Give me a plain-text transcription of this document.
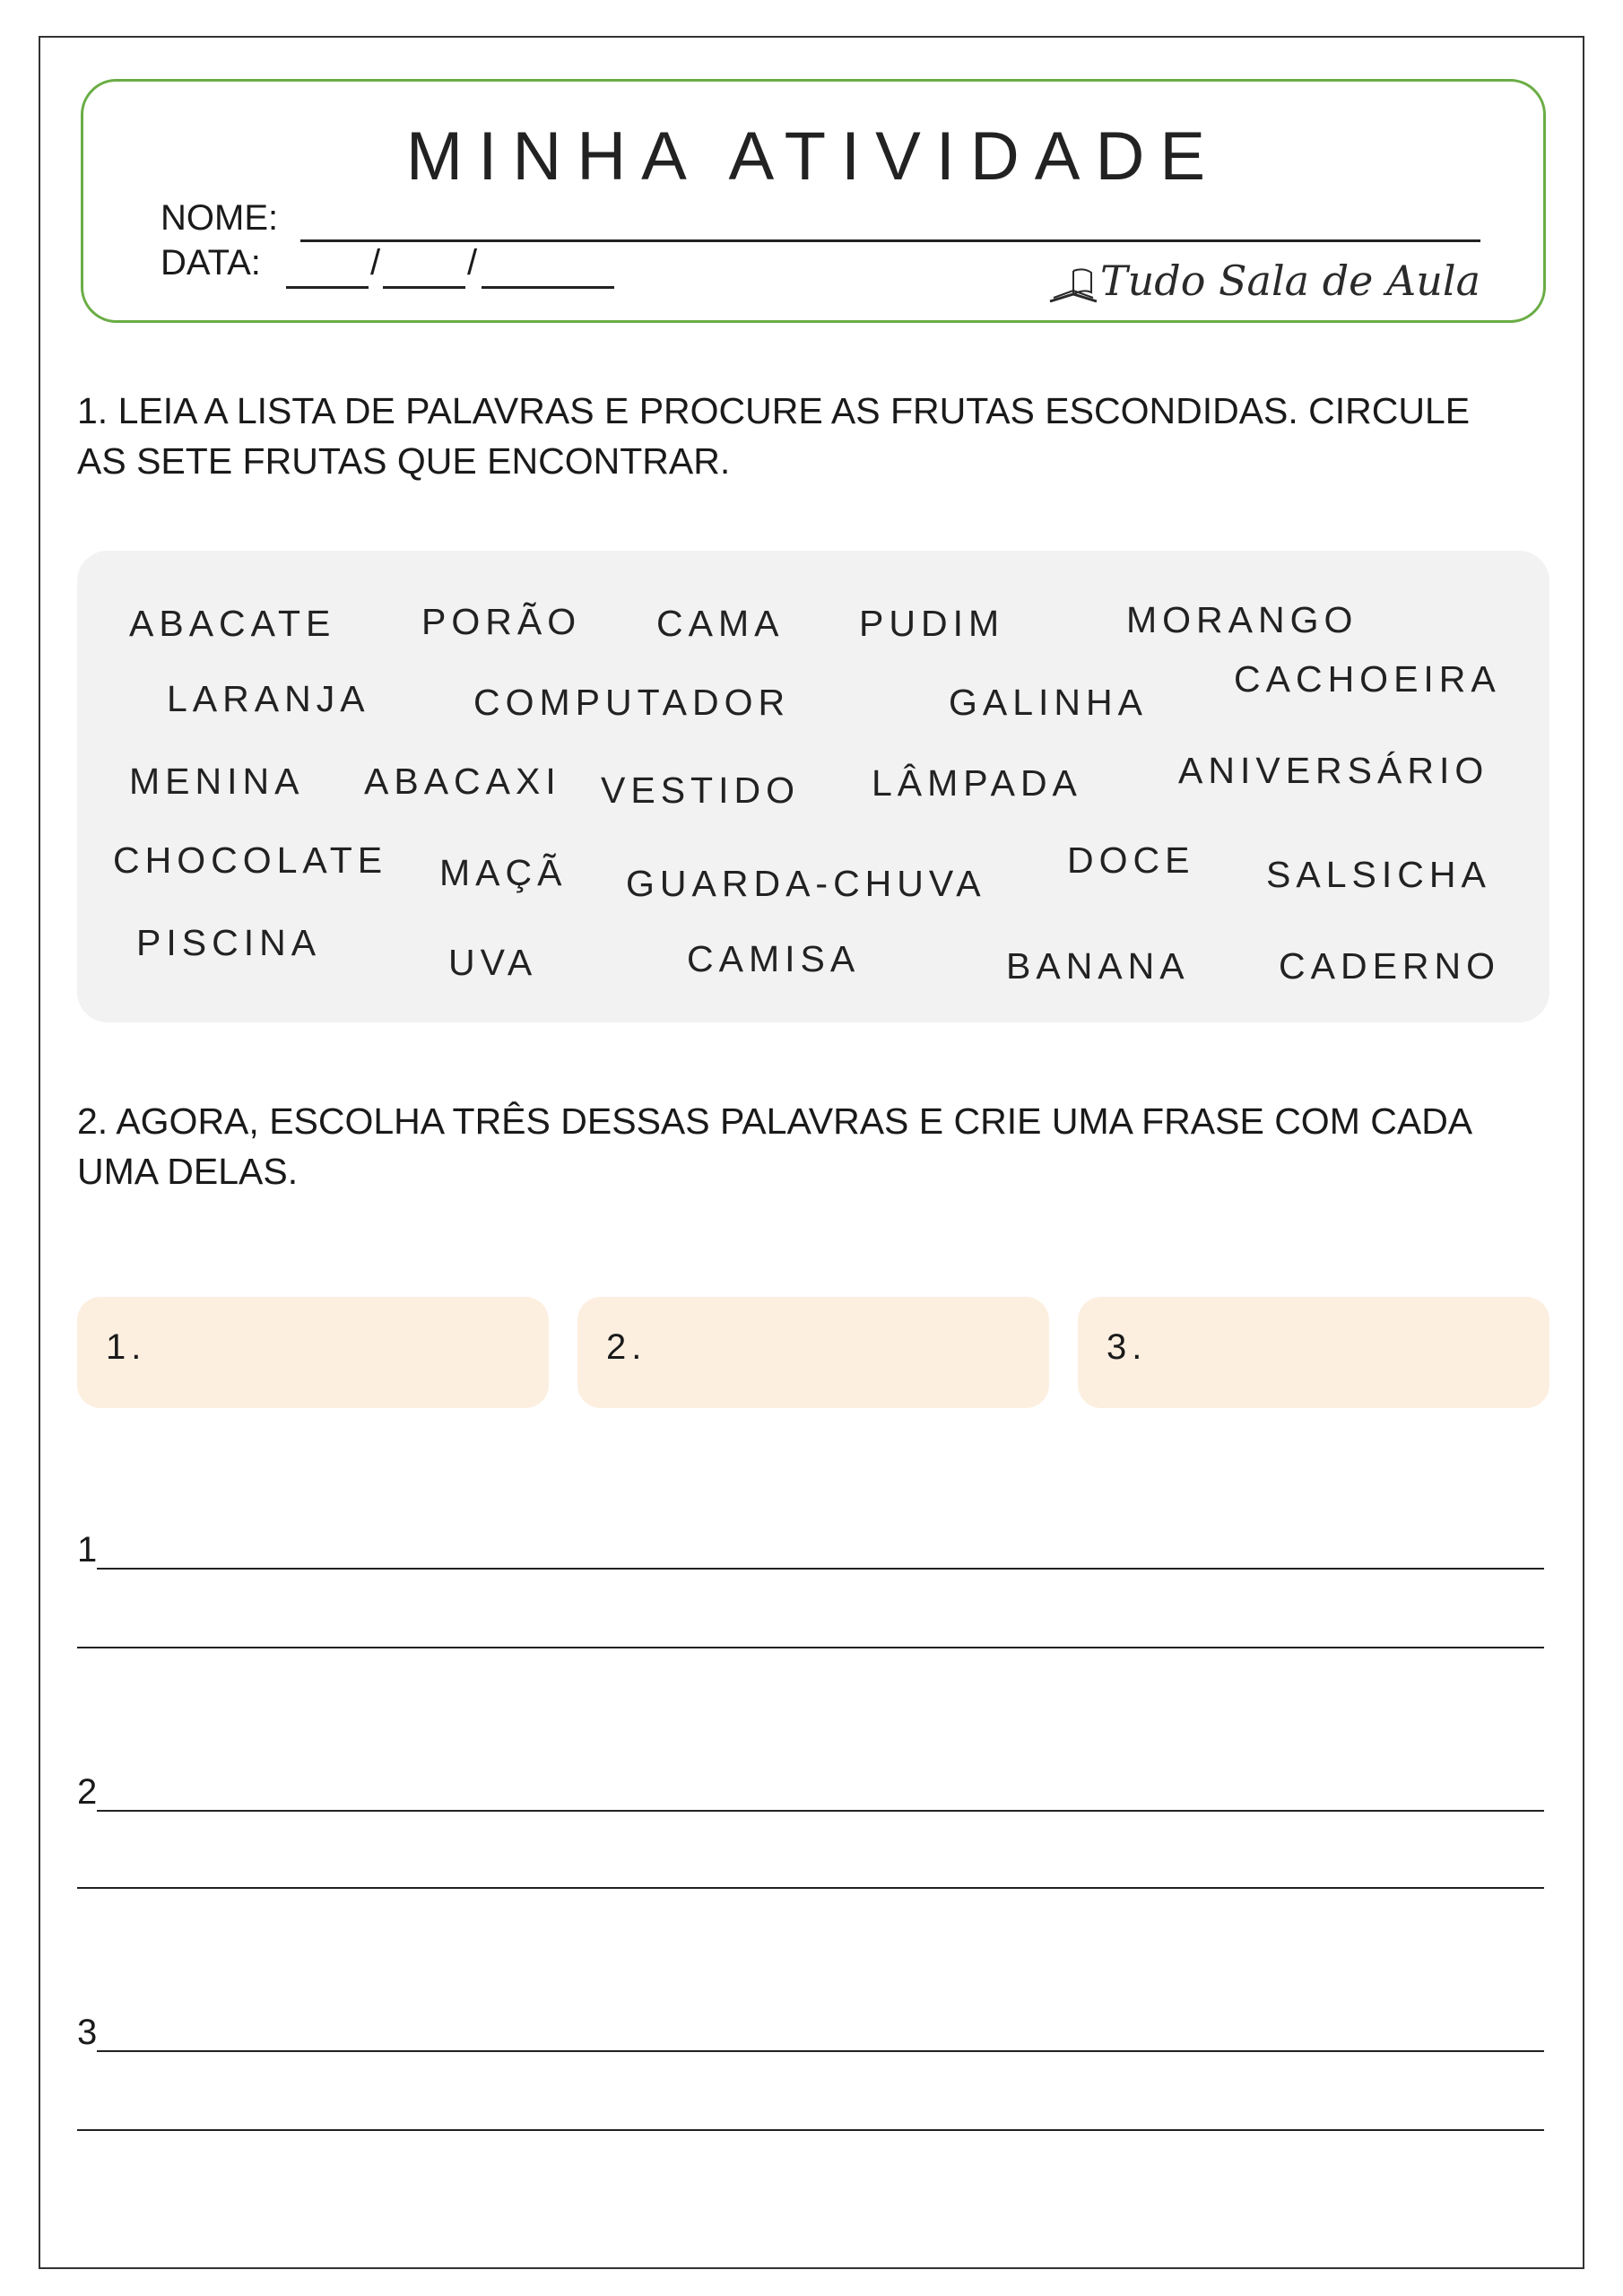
MINHA ATIVIDADE
NOME:
DATA:	/ /	Tudo Sala de Aula
1. LEIA A LISTA DE PALAVRAS E PROCURE AS FRUTAS ESCONDIDAS. CIRCULE
AS SETE FRUTAS QUE ENCONTRAR.
ABACATE PORÃO CAMA PUDIM	MORANGO
LARANJA	COMPUTADOR	GALINHA
CACHOEIRA
MENINA ABACAXI VESTIDO LÂMPADA	ANIVERSÁRIO
CHOCOLATE MAÇÃ GUARDA-CHUVA
DOCE SALSICHA
PISCINA	UVA	CAMISA	BANANA CADERNO
2. AGORA, ESCOLHA TRÊS DESSAS PALAVRAS E CRIE UMA FRASE COM CADA
UMA DELAS.
1.	2.	3.
1
2
3
